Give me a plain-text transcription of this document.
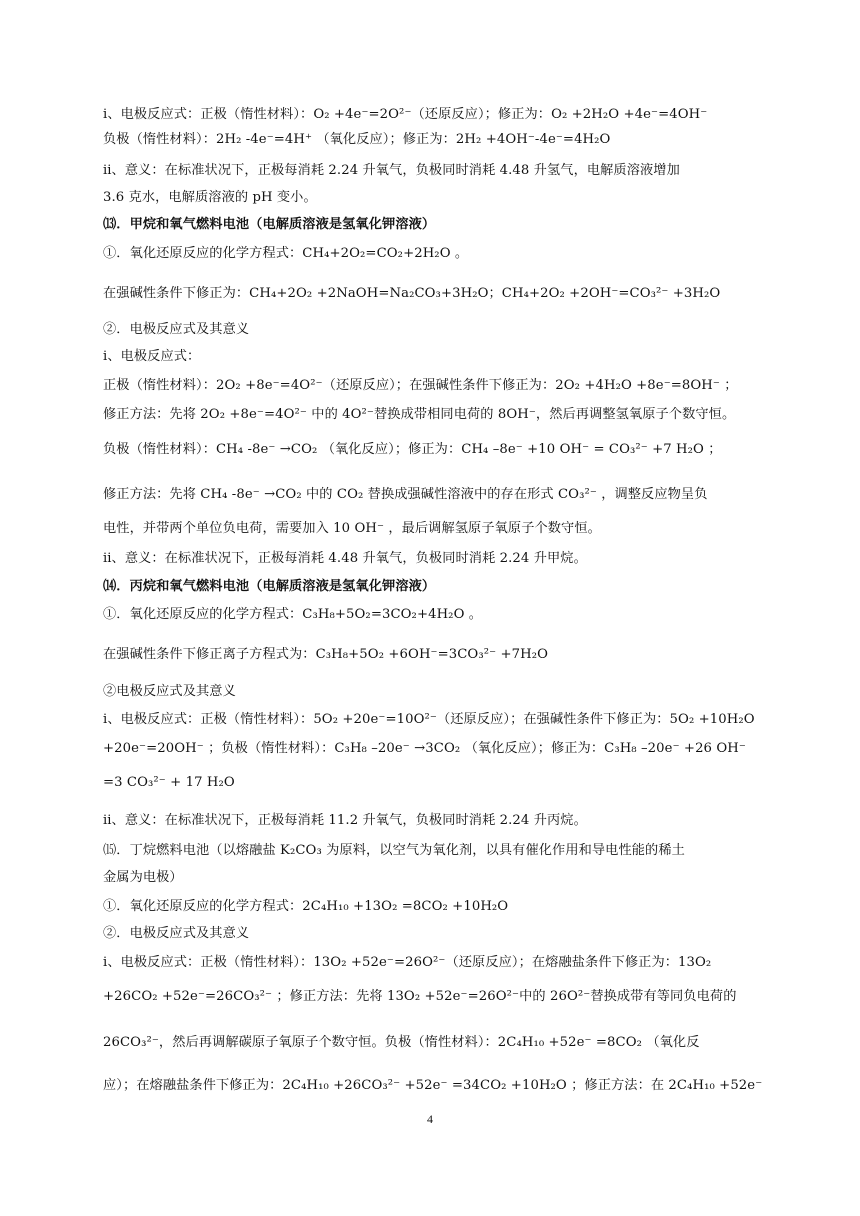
ⅰ、电极反应式：正极（惰性材料）：O₂ +4e⁻=2O²⁻（还原反应）；修正为：O₂ +2H₂O +4e⁻=4OH⁻
负极（惰性材料）：2H₂ -4e⁻=4H⁺ （氧化反应）；修正为：2H₂ +4OH⁻-4e⁻=4H₂O
ⅱ、意义：在标准状况下，正极每消耗 2.24 升氧气，负极同时消耗 4.48 升氢气，电解质溶液增加
3.6 克水，电解质溶液的 pH 变小。
⒀．甲烷和氧气燃料电池（电解质溶液是氢氧化钾溶液）
①．氧化还原反应的化学方程式：CH₄+2O₂=CO₂+2H₂O 。
在强碱性条件下修正为：CH₄+2O₂ +2NaOH=Na₂CO₃+3H₂O；CH₄+2O₂ +2OH⁻=CO₃²⁻ +3H₂O
②．电极反应式及其意义
ⅰ、电极反应式：
正极（惰性材料）：2O₂ +8e⁻=4O²⁻（还原反应）；在强碱性条件下修正为：2O₂ +4H₂O +8e⁻=8OH⁻ ；
修正方法：先将 2O₂ +8e⁻=4O²⁻ 中的 4O²⁻替换成带相同电荷的 8OH⁻，然后再调整氢氧原子个数守恒。
负极（惰性材料）：CH₄ -8e⁻ →CO₂ （氧化反应）；修正为：CH₄ –8e⁻ +10 OH⁻ = CO₃²⁻ +7 H₂O ；
修正方法：先将 CH₄ -8e⁻ →CO₂ 中的 CO₂ 替换成强碱性溶液中的存在形式 CO₃²⁻ ，调整反应物呈负
电性，并带两个单位负电荷，需要加入 10 OH⁻ ，最后调解氢原子氧原子个数守恒。
ⅱ、意义：在标准状况下，正极每消耗 4.48 升氧气，负极同时消耗 2.24 升甲烷。
⒁．丙烷和氧气燃料电池（电解质溶液是氢氧化钾溶液）
①．氧化还原反应的化学方程式：C₃H₈+5O₂=3CO₂+4H₂O 。
在强碱性条件下修正离子方程式为：C₃H₈+5O₂ +6OH⁻=3CO₃²⁻ +7H₂O
②电极反应式及其意义
ⅰ、电极反应式：正极（惰性材料）：5O₂ +20e⁻=10O²⁻（还原反应）；在强碱性条件下修正为：5O₂ +10H₂O
+20e⁻=20OH⁻ ；负极（惰性材料）：C₃H₈ –20e⁻ →3CO₂ （氧化反应）；修正为：C₃H₈ –20e⁻ +26 OH⁻
=3 CO₃²⁻ + 17 H₂O
ⅱ、意义：在标准状况下，正极每消耗 11.2 升氧气，负极同时消耗 2.24 升丙烷。
⒂．丁烷燃料电池（以熔融盐 K₂CO₃ 为原料，以空气为氧化剂，以具有催化作用和导电性能的稀土
金属为电极）
①．氧化还原反应的化学方程式：2C₄H₁₀ +13O₂ =8CO₂ +10H₂O
②．电极反应式及其意义
ⅰ、电极反应式：正极（惰性材料）：13O₂ +52e⁻=26O²⁻（还原反应）；在熔融盐条件下修正为：13O₂
+26CO₂ +52e⁻=26CO₃²⁻ ；修正方法：先将 13O₂ +52e⁻=26O²⁻中的 26O²⁻替换成带有等同负电荷的
26CO₃²⁻，然后再调解碳原子氧原子个数守恒。负极（惰性材料）：2C₄H₁₀ +52e⁻ =8CO₂ （氧化反
应）；在熔融盐条件下修正为：2C₄H₁₀ +26CO₃²⁻ +52e⁻ =34CO₂ +10H₂O ；修正方法：在 2C₄H₁₀ +52e⁻
4
